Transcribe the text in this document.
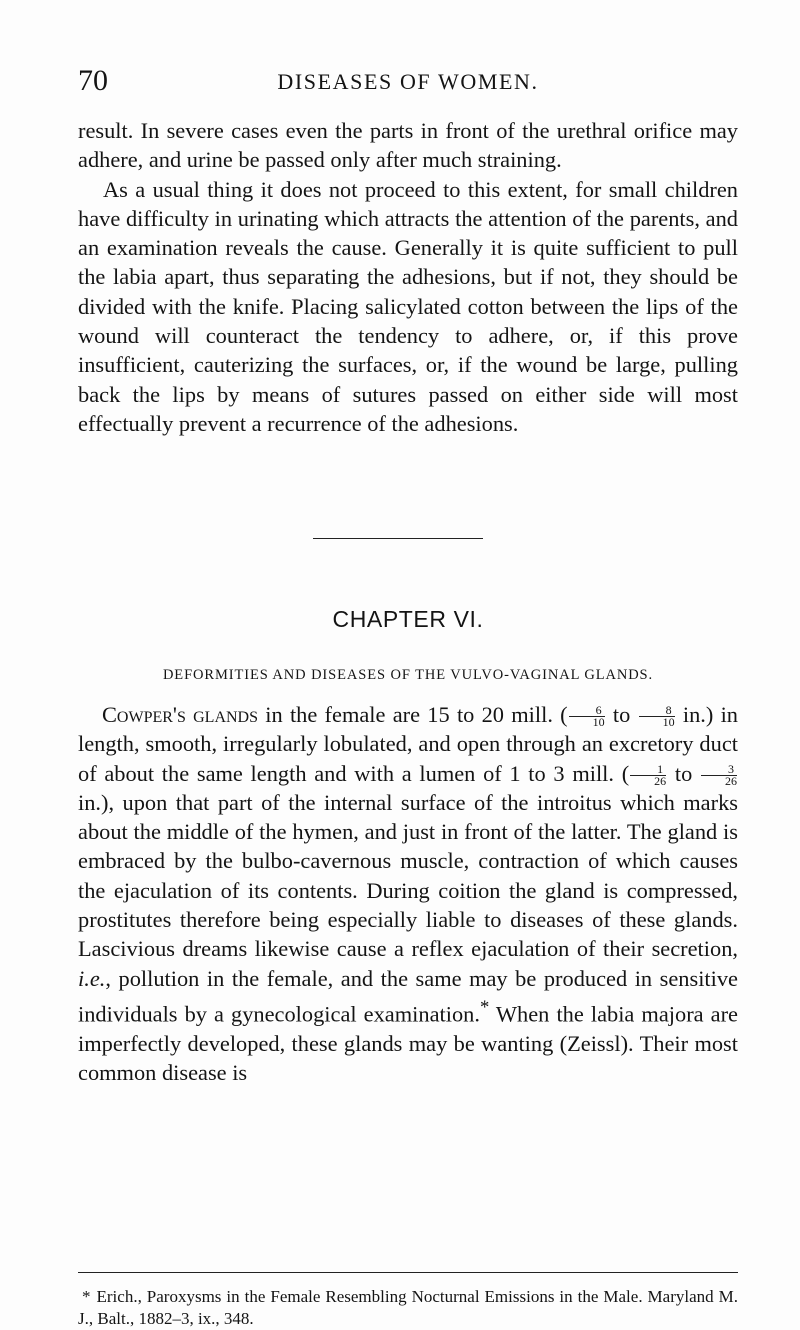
70	DISEASES OF WOMEN.

result. In severe cases even the parts in front of the urethral orifice may adhere, and urine be passed only after much straining.

As a usual thing it does not proceed to this extent, for small children have difficulty in urinating which attracts the attention of the parents, and an examination reveals the cause. Generally it is quite sufficient to pull the labia apart, thus separating the adhesions, but if not, they should be divided with the knife. Placing salicylated cotton between the lips of the wound will counteract the tendency to adhere, or, if this prove insufficient, cauterizing the surfaces, or, if the wound be large, pulling back the lips by means of sutures passed on either side will most effectually prevent a recurrence of the adhesions.

CHAPTER VI.
DEFORMITIES AND DISEASES OF THE VULVO-VAGINAL GLANDS.

Cowper's glands in the female are 15 to 20 mill. ( $\frac{6}{10}$ to $\frac{8}{10} in$.) in length, smooth, irregularly lobulated, and open through an excretory duct of about the same length and with a lumen of 1 to 3 mill. ( $\frac{1}{26}$ to $\frac{3}{26}$
in.), upon that part of the internal surface of the introitus which marks about the middle of the hymen, and just in front of the latter. The gland is embraced by the bulbo-cavernous muscle, contraction of which causes the ejaculation of its contents. During coition the gland is compressed, prostitutes therefore being especially liable to diseases of these glands. Lascivious dreams likewise cause a reflex ejaculation of their secretion, i.e., pollution in the female, and the same may be produced in sensitive individuals by a gynecological examination.* When the labia majora are imperfectly developed, these glands may be wanting (Zeissl). Their most common disease is

* Erich., Paroxysms in the Female Resembling Nocturnal Emissions in the Male. Maryland M. J., Balt., 1882–3, ix., 348.
